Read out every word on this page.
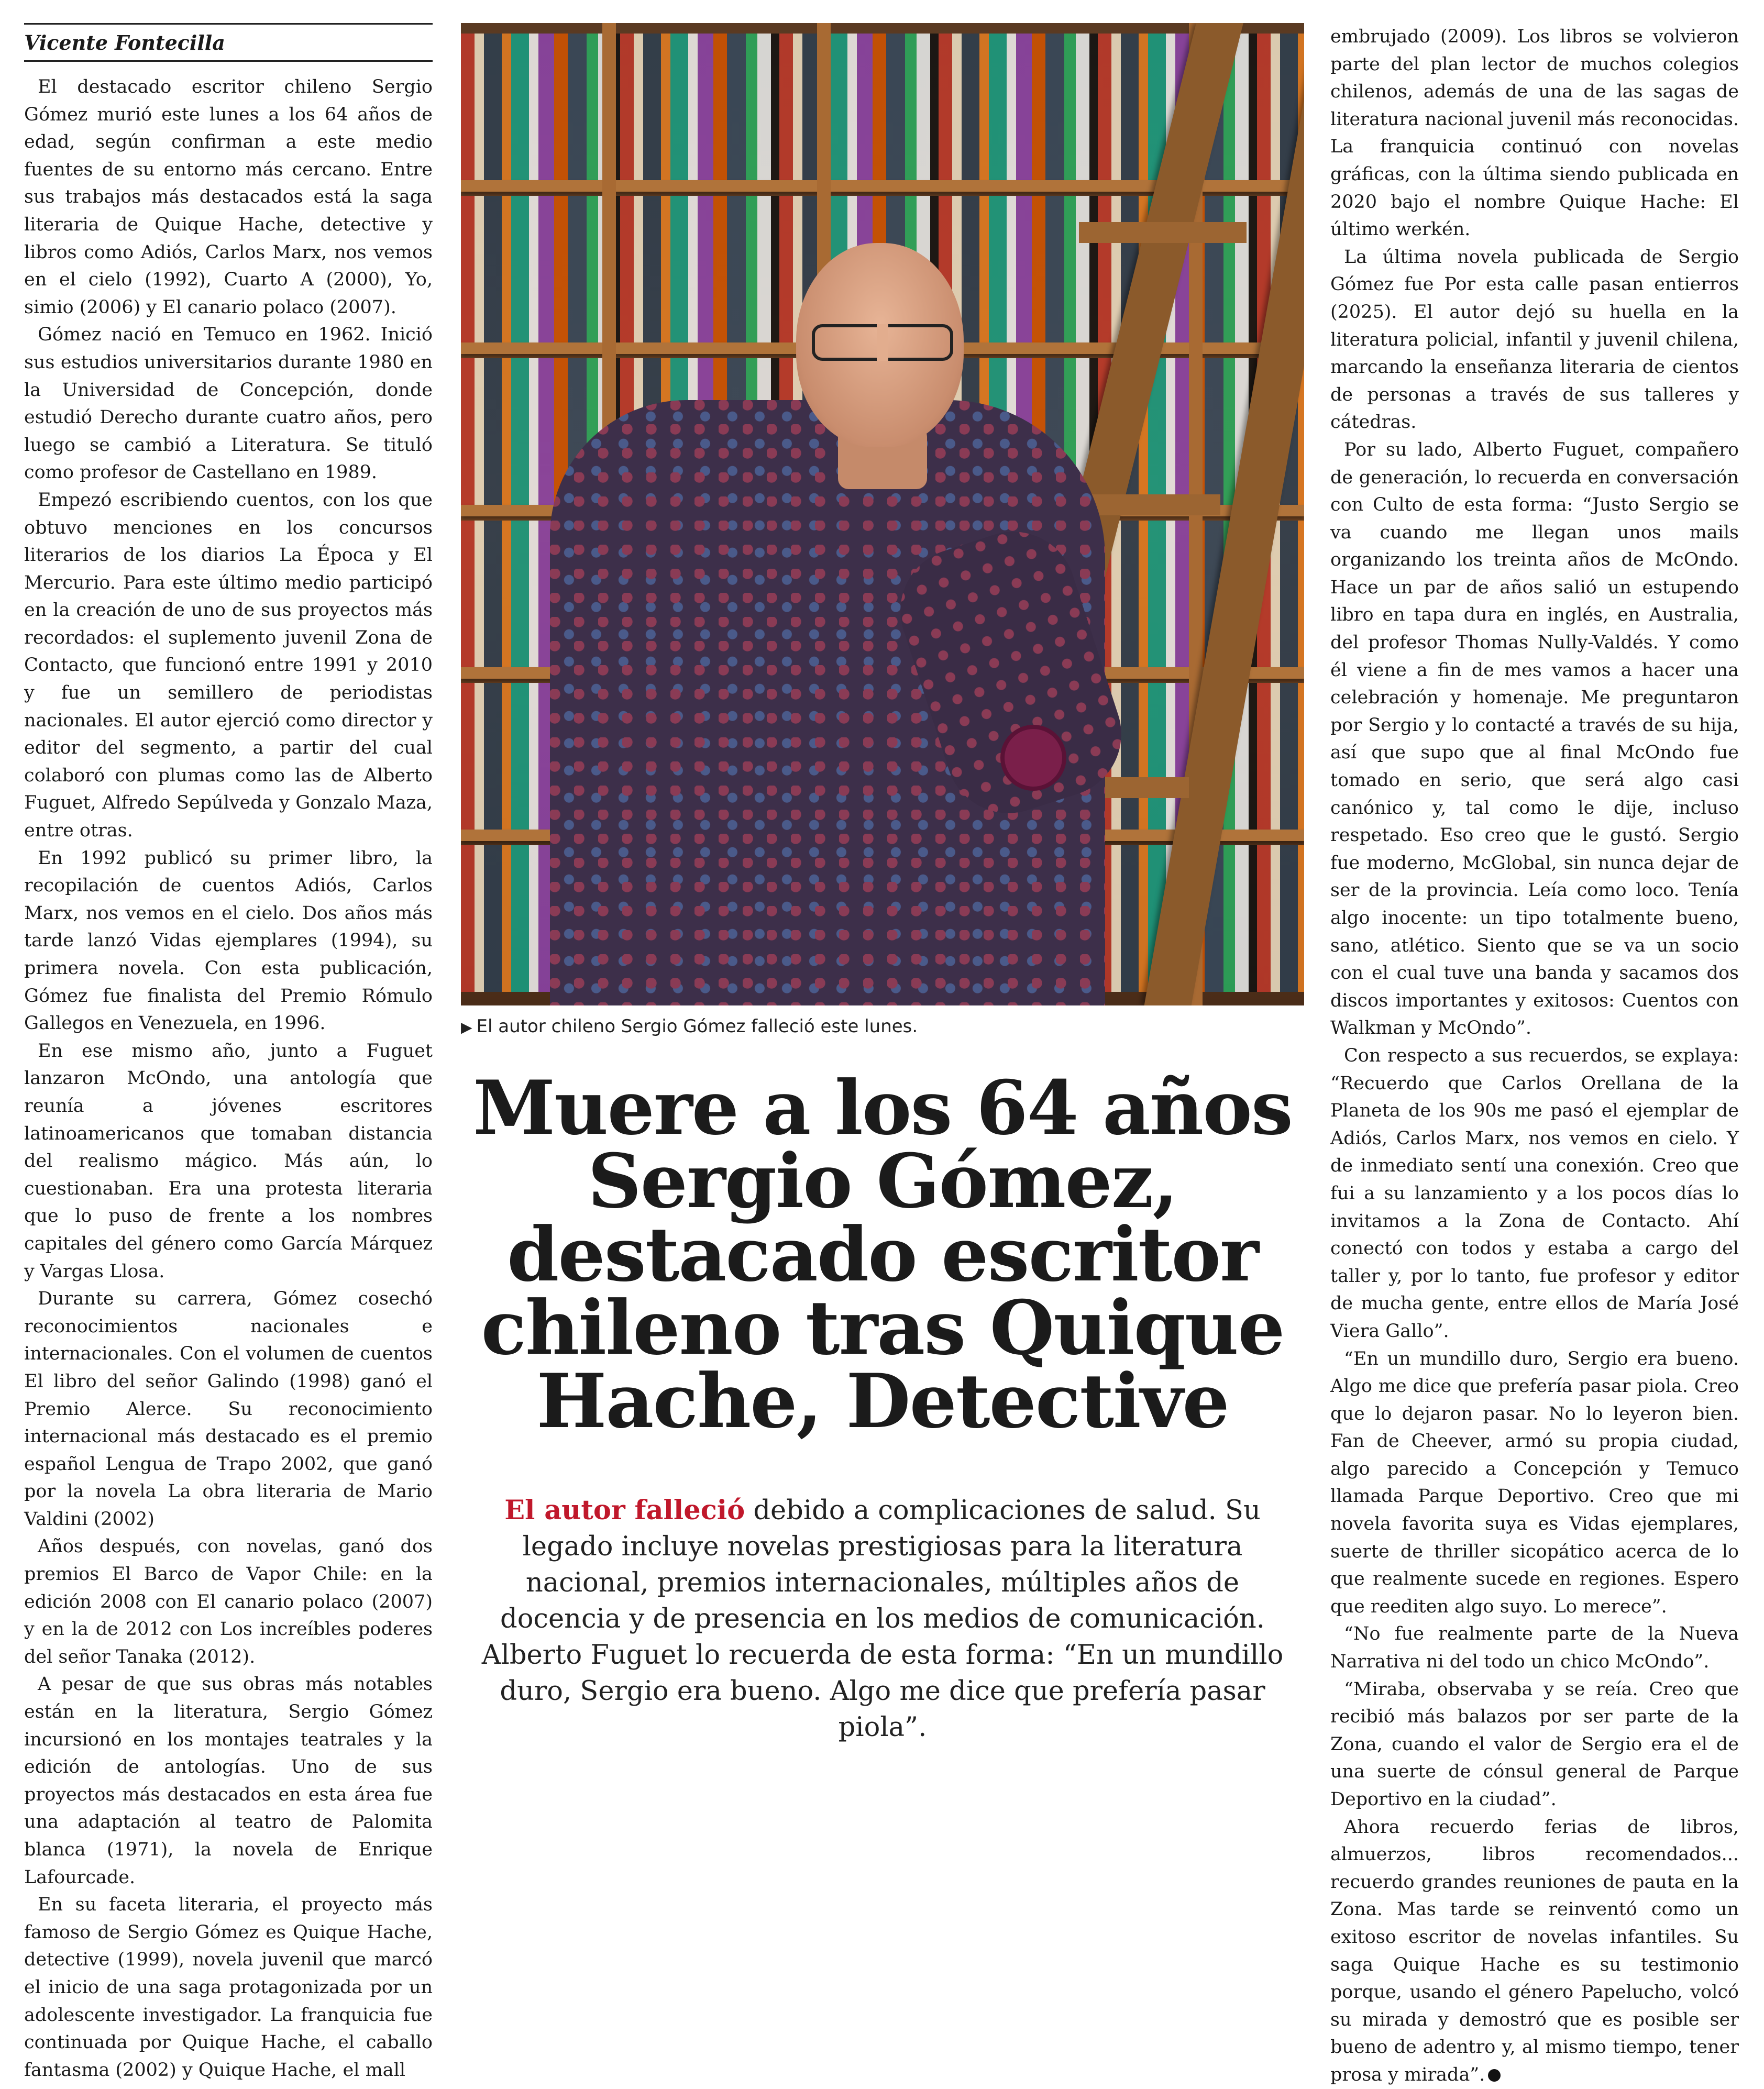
Vicente Fontecilla

El destacado escritor chileno Sergio Gómez murió este lunes a los 64 años de edad, según confirman a este medio fuentes de su entorno más cercano. Entre sus trabajos más destacados está la saga literaria de Quique Hache, detective y libros como Adiós, Carlos Marx, nos vemos en el cielo (1992), Cuarto A (2000), Yo, simio (2006) y El canario polaco (2007).

Gómez nació en Temuco en 1962. Inició sus estudios universitarios durante 1980 en la Universidad de Concepción, donde estudió Derecho durante cuatro años, pero luego se cambió a Literatura. Se tituló como profesor de Castellano en 1989.

Empezó escribiendo cuentos, con los que obtuvo menciones en los concursos literarios de los diarios La Época y El Mercurio. Para este último medio participó en la creación de uno de sus proyectos más recordados: el suplemento juvenil Zona de Contacto, que funcionó entre 1991 y 2010 y fue un semillero de periodistas nacionales. El autor ejerció como director y editor del segmento, a partir del cual colaboró con plumas como las de Alberto Fuguet, Alfredo Sepúlveda y Gonzalo Maza, entre otras.

En 1992 publicó su primer libro, la recopilación de cuentos Adiós, Carlos Marx, nos vemos en el cielo. Dos años más tarde lanzó Vidas ejemplares (1994), su primera novela. Con esta publicación, Gómez fue finalista del Premio Rómulo Gallegos en Venezuela, en 1996.

En ese mismo año, junto a Fuguet lanzaron McOndo, una antología que reunía a jóvenes escritores latinoamericanos que tomaban distancia del realismo mágico. Más aún, lo cuestionaban. Era una protesta literaria que lo puso de frente a los nombres capitales del género como García Márquez y Vargas Llosa.

Durante su carrera, Gómez cosechó reconocimientos nacionales e internacionales. Con el volumen de cuentos El libro del señor Galindo (1998) ganó el Premio Alerce. Su reconocimiento internacional más destacado es el premio español Lengua de Trapo 2002, que ganó por la novela La obra literaria de Mario Valdini (2002)

Años después, con novelas, ganó dos premios El Barco de Vapor Chile: en la edición 2008 con El canario polaco (2007) y en la de 2012 con Los increíbles poderes del señor Tanaka (2012).

A pesar de que sus obras más notables están en la literatura, Sergio Gómez incursionó en los montajes teatrales y la edición de antologías. Uno de sus proyectos más destacados en esta área fue una adaptación al teatro de Palomita blanca (1971), la novela de Enrique Lafourcade.

En su faceta literaria, el proyecto más famoso de Sergio Gómez es Quique Hache, detective (1999), novela juvenil que marcó el inicio de una saga protagonizada por un adolescente investigador. La franquicia fue continuada por Quique Hache, el caballo fantasma (2002) y Quique Hache, el mall

▶ El autor chileno Sergio Gómez falleció este lunes.
Muere a los 64 años
Sergio Gómez,
destacado escritor
chileno tras Quique
Hache, Detective
El autor falleció debido a complicaciones de salud. Su legado incluye novelas prestigiosas para la literatura nacional, premios internacionales, múltiples años de docencia y de presencia en los medios de comunicación. Alberto Fuguet lo recuerda de esta forma: “En un mundillo duro, Sergio era bueno. Algo me dice que prefería pasar piola”.

embrujado (2009). Los libros se volvieron parte del plan lector de muchos colegios chilenos, además de una de las sagas de literatura nacional juvenil más reconocidas. La franquicia continuó con novelas gráficas, con la última siendo publicada en 2020 bajo el nombre Quique Hache: El último werkén.

La última novela publicada de Sergio Gómez fue Por esta calle pasan entierros (2025). El autor dejó su huella en la literatura policial, infantil y juvenil chilena, marcando la enseñanza literaria de cientos de personas a través de sus talleres y cátedras.

Por su lado, Alberto Fuguet, compañero de generación, lo recuerda en conversación con Culto de esta forma: “Justo Sergio se va cuando me llegan unos mails organizando los treinta años de McOndo. Hace un par de años salió un estupendo libro en tapa dura en inglés, en Australia, del profesor Thomas Nully-Valdés. Y como él viene a fin de mes vamos a hacer una celebración y homenaje. Me preguntaron por Sergio y lo contacté a través de su hija, así que supo que al final McOndo fue tomado en serio, que será algo casi canónico y, tal como le dije, incluso respetado. Eso creo que le gustó. Sergio fue moderno, McGlobal, sin nunca dejar de ser de la provincia. Leía como loco. Tenía algo inocente: un tipo totalmente bueno, sano, atlético. Siento que se va un socio con el cual tuve una banda y sacamos dos discos importantes y exitosos: Cuentos con Walkman y McOndo”.

Con respecto a sus recuerdos, se explaya: “Recuerdo que Carlos Orellana de la Planeta de los 90s me pasó el ejemplar de Adiós, Carlos Marx, nos vemos en cielo. Y de inmediato sentí una conexión. Creo que fui a su lanzamiento y a los pocos días lo invitamos a la Zona de Contacto. Ahí conectó con todos y estaba a cargo del taller y, por lo tanto, fue profesor y editor de mucha gente, entre ellos de María José Viera Gallo”.

“En un mundillo duro, Sergio era bueno. Algo me dice que prefería pasar piola. Creo que lo dejaron pasar. No lo leyeron bien. Fan de Cheever, armó su propia ciudad, algo parecido a Concepción y Temuco llamada Parque Deportivo. Creo que mi novela favorita suya es Vidas ejemplares, suerte de thriller sicopático acerca de lo que realmente sucede en regiones. Espero que reediten algo suyo. Lo merece”.

“No fue realmente parte de la Nueva Narrativa ni del todo un chico McOndo”.

“Miraba, observaba y se reía. Creo que recibió más balazos por ser parte de la Zona, cuando el valor de Sergio era el de una suerte de cónsul general de Parque Deportivo en la ciudad”.

Ahora recuerdo ferias de libros, almuerzos, libros recomendados... recuerdo grandes reuniones de pauta en la Zona. Mas tarde se reinventó como un exitoso escritor de novelas infantiles. Su saga Quique Hache es su testimonio porque, usando el género Papelucho, volcó su mirada y demostró que es posible ser bueno de adentro y, al mismo tiempo, tener prosa y mirada”.
